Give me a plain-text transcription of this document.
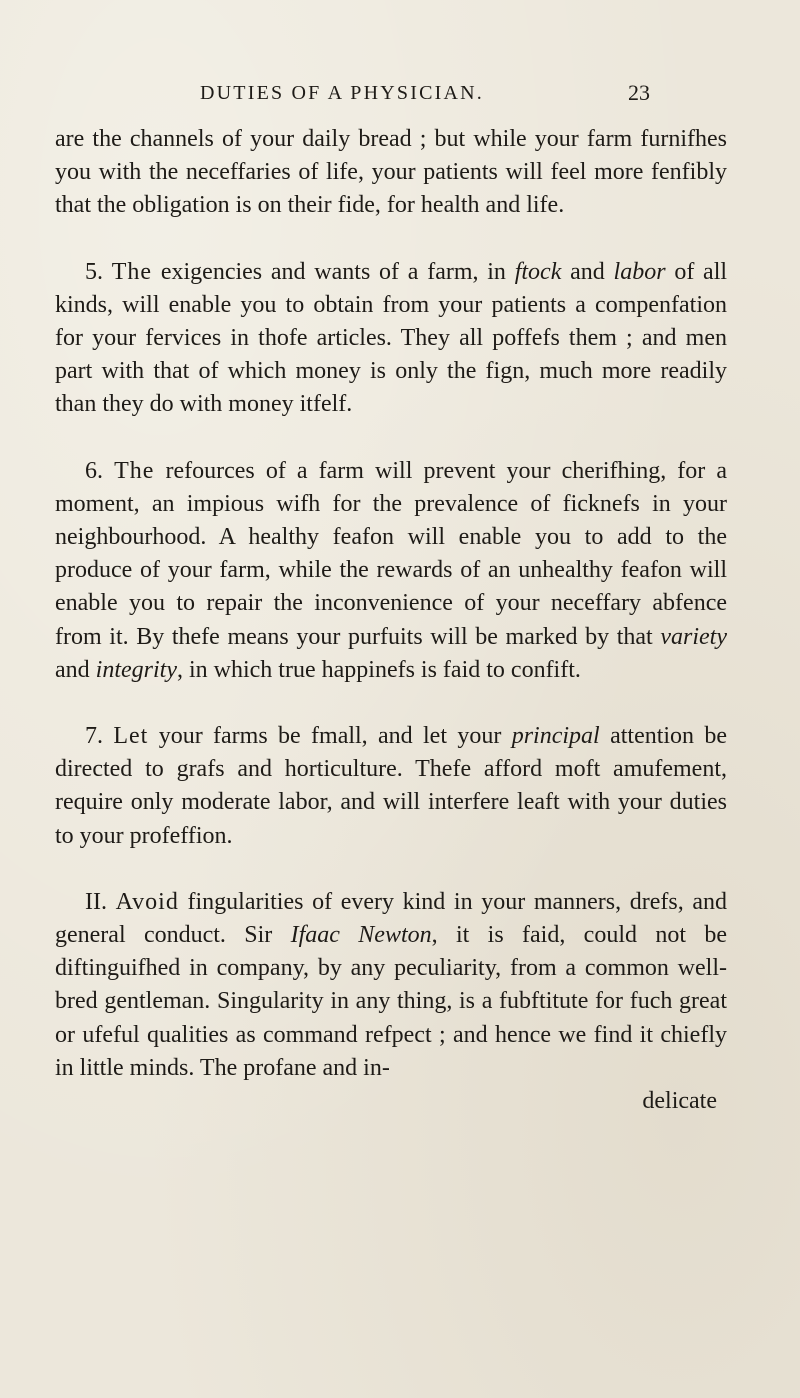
DUTIES OF A PHYSICIAN.	23

are the channels of your daily bread ; but while your farm furnifhes you with the neceffaries of life, your patients will feel more fenfibly that the obligation is on their fide, for health and life.

5. The exigencies and wants of a farm, in ftock and labor of all kinds, will enable you to obtain from your patients a compenfation for your fervices in thofe articles. They all poffefs them ; and men part with that of which money is only the fign, much more readily than they do with money itfelf.

6. The refources of a farm will prevent your cherifhing, for a moment, an impious wifh for the prevalence of ficknefs in your neighbourhood. A healthy feafon will enable you to add to the produce of your farm, while the rewards of an unhealthy feafon will enable you to repair the inconvenience of your neceffary abfence from it. By thefe means your purfuits will be marked by that variety and integrity, in which true happinefs is faid to confift.

7. Let your farms be fmall, and let your principal attention be directed to grafs and horticulture. Thefe afford moft amufement, require only moderate labor, and will interfere leaft with your duties to your profeffion.

II. Avoid fingularities of every kind in your manners, drefs, and general conduct. Sir Ifaac Newton, it is faid, could not be diftinguifhed in company, by any peculiarity, from a common well-bred gentleman. Singularity in any thing, is a fubftitute for fuch great or ufeful qualities as command refpect ; and hence we find it chiefly in little minds. The profane and in-

delicate
